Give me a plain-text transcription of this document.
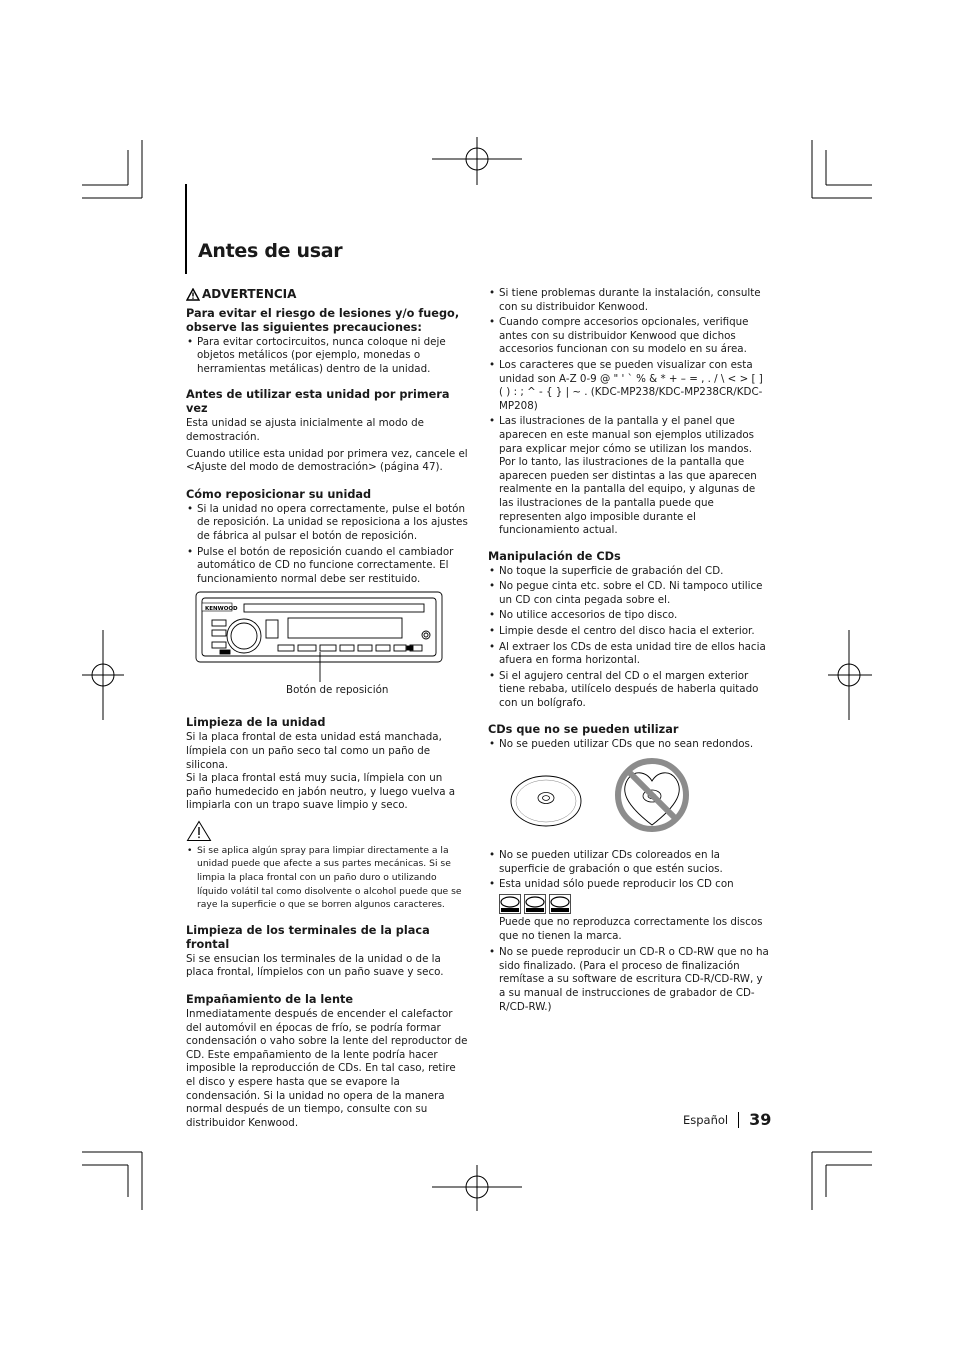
Antes de usar
ADVERTENCIA
Para evitar el riesgo de lesiones y/o fuego, observe las siguientes precauciones:
• Para evitar cortocircuitos, nunca coloque ni deje objetos metálicos (por ejemplo, monedas o herramientas metálicas) dentro de la unidad.
Antes de utilizar esta unidad por primera vez

Esta unidad se ajusta inicialmente al modo de demostración.

Cuando utilice esta unidad por primera vez, cancele el <Ajuste del modo de demostración> (página 47).

Cómo reposicionar su unidad
• Si la unidad no opera correctamente, pulse el botón de reposición. La unidad se reposiciona a los ajustes de fábrica al pulsar el botón de reposición.
• Pulse el botón de reposición cuando el cambiador automático de CD no funcione correctamente. El funcionamiento normal debe ser restituido.
KENWOOD
Botón de reposición
Limpieza de la unidad

Si la placa frontal de esta unidad está manchada, límpiela con un paño seco tal como un paño de silicona.

Si la placa frontal está muy sucia, límpiela con un paño humedecido en jabón neutro, y luego vuelva a limpiarla con un trapo suave limpio y seco.

• Si se aplica algún spray para limpiar directamente a la unidad puede que afecte a sus partes mecánicas. Si se limpia la placa frontal con un paño duro o utilizando líquido volátil tal como disolvente o alcohol puede que se raye la superficie o que se borren algunos caracteres.
Limpieza de los terminales de la placa frontal

Si se ensucian los terminales de la unidad o de la placa frontal, límpielos con un paño suave y seco.

Empañamiento de la lente

Inmediatamente después de encender el calefactor del automóvil en épocas de frío, se podría formar condensación o vaho sobre la lente del reproductor de CD. Este empañamiento de la lente podría hacer imposible la reproducción de CDs. En tal caso, retire el disco y espere hasta que se evapore la condensación. Si la unidad no opera de la manera normal después de un tiempo, consulte con su distribuidor Kenwood.

• Si tiene problemas durante la instalación, consulte con su distribuidor Kenwood.
• Cuando compre accesorios opcionales, verifique antes con su distribuidor Kenwood que dichos accesorios funcionan con su modelo en su área.
• Los caracteres que se pueden visualizar con esta unidad son A-Z 0-9 @ " ' ` % & * + – = , . / \ < > [ ] ( ) : ; ^ - { } | ~ . (KDC-MP238/KDC-MP238CR/KDC-MP208)
• Las ilustraciones de la pantalla y el panel que aparecen en este manual son ejemplos utilizados para explicar mejor cómo se utilizan los mandos. Por lo tanto, las ilustraciones de la pantalla que aparecen pueden ser distintas a las que aparecen realmente en la pantalla del equipo, y algunas de las ilustraciones de la pantalla puede que representen algo imposible durante el funcionamiento actual.
Manipulación de CDs
• No toque la superficie de grabación del CD.
• No pegue cinta etc. sobre el CD. Ni tampoco utilice un CD con cinta pegada sobre el.
• No utilice accesorios de tipo disco.
• Limpie desde el centro del disco hacia el exterior.
• Al extraer los CDs de esta unidad tire de ellos hacia afuera en forma horizontal.
• Si el agujero central del CD o el margen exterior tiene rebaba, utilícelo después de haberla quitado con un bolígrafo.
CDs que no se pueden utilizar
• No se pueden utilizar CDs que no sean redondos.
• No se pueden utilizar CDs coloreados en la superficie de grabación o que estén sucios.
• Esta unidad sólo puede reproducir los CD con

Puede que no reproduzca correctamente los discos que no tienen la marca.

• No se puede reproducir un CD-R o CD-RW que no ha sido finalizado. (Para el proceso de finalización remítase a su software de escritura CD-R/CD-RW, y a su manual de instrucciones de grabador de CD-R/CD-RW.)
Español 39
